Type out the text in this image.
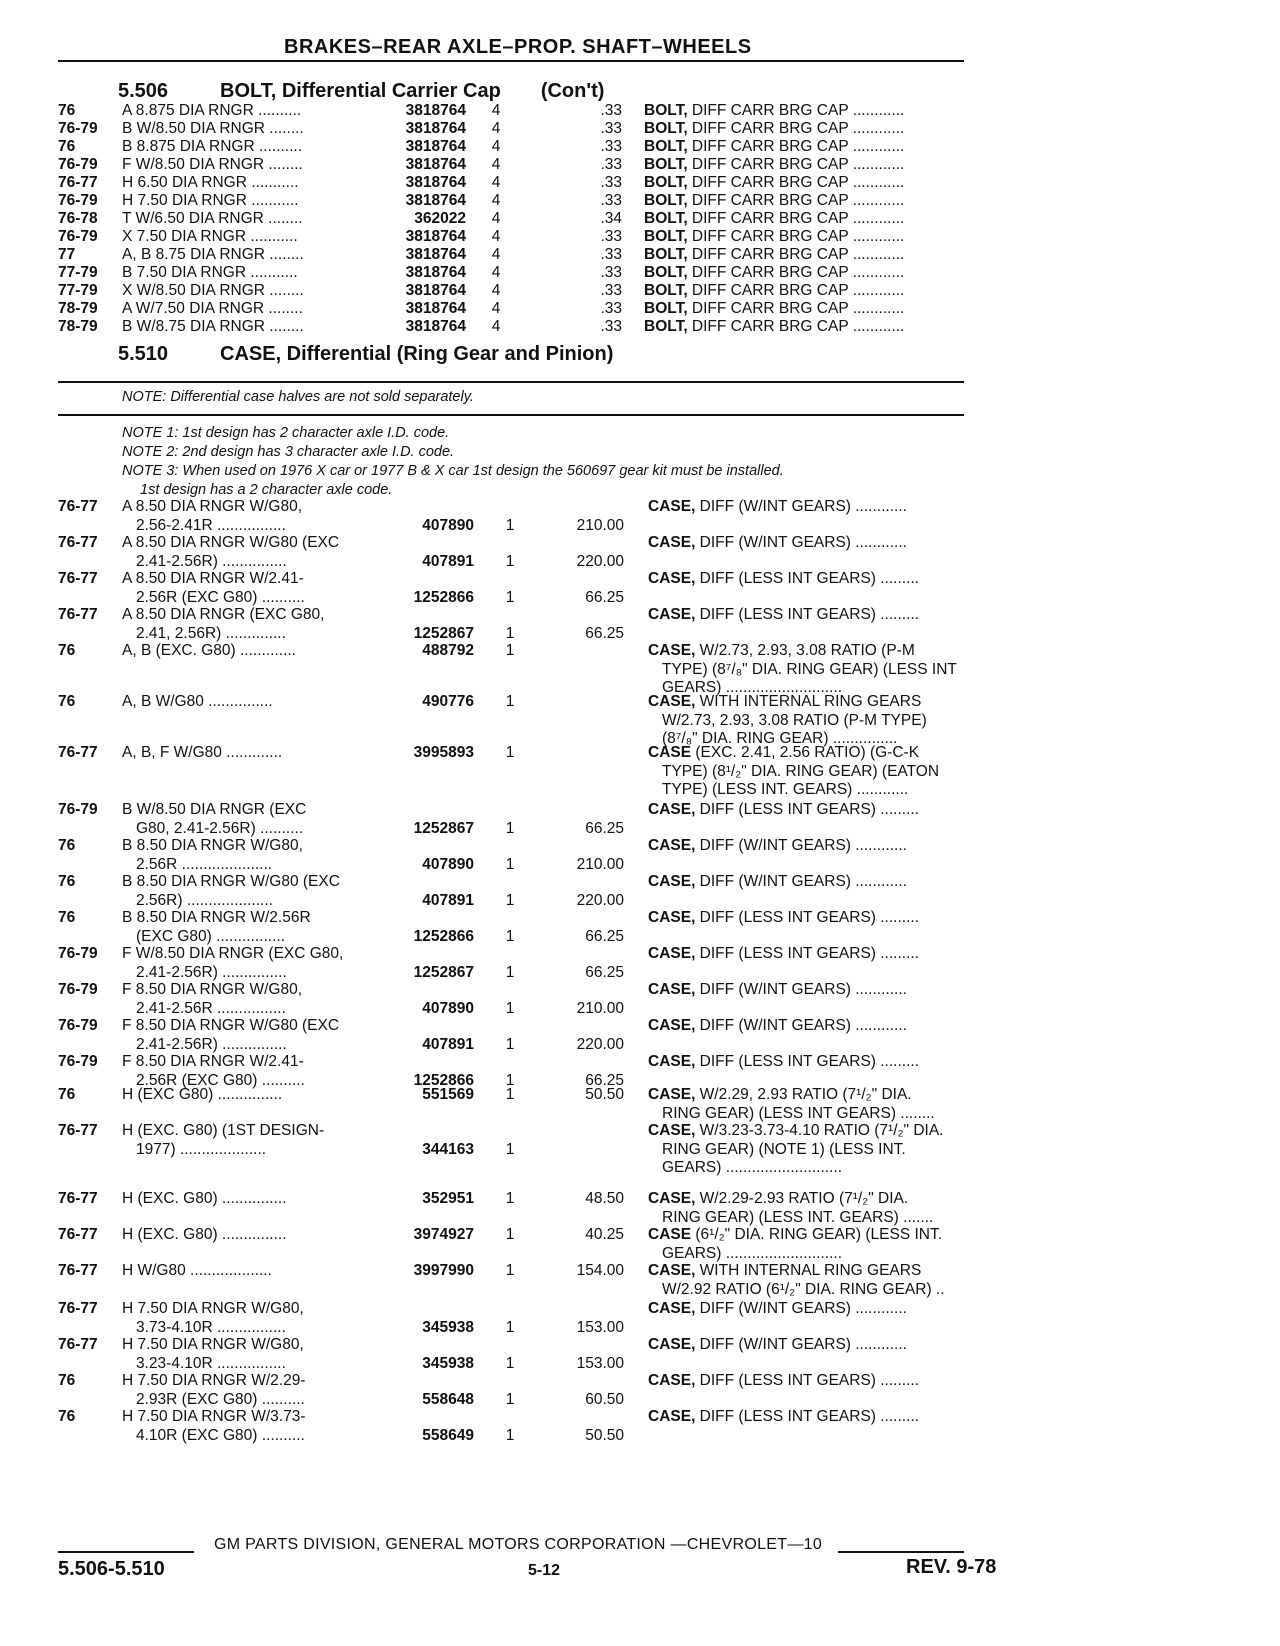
BRAKES–REAR AXLE–PROP. SHAFT–WHEELS
5.506	BOLT, Differential Carrier Cap (Con't)
76	A 8.875 DIA RNGR ..........	3818764	4	.33 BOLT, DIFF CARR BRG CAP ............
76-79 B W/8.50 DIA RNGR ........	3818764	4	.33 BOLT, DIFF CARR BRG CAP ............
76	B 8.875 DIA RNGR ..........	3818764	4	.33 BOLT, DIFF CARR BRG CAP ............
76-79 F W/8.50 DIA RNGR ........	3818764	4	.33 BOLT, DIFF CARR BRG CAP ............
76-77 H 6.50 DIA RNGR ...........	3818764	4	.33 BOLT, DIFF CARR BRG CAP ............
76-79 H 7.50 DIA RNGR ...........	3818764	4	.33 BOLT, DIFF CARR BRG CAP ............
76-78 T W/6.50 DIA RNGR ........	362022	4	.34 BOLT, DIFF CARR BRG CAP ............
76-79 X 7.50 DIA RNGR ...........	3818764	4	.33 BOLT, DIFF CARR BRG CAP ............
77	A, B 8.75 DIA RNGR ........	3818764	4	.33 BOLT, DIFF CARR BRG CAP ............
77-79 B 7.50 DIA RNGR ...........	3818764	4	.33 BOLT, DIFF CARR BRG CAP ............
77-79 X W/8.50 DIA RNGR ........	3818764	4	.33 BOLT, DIFF CARR BRG CAP ............
78-79 A W/7.50 DIA RNGR ........	3818764	4	.33 BOLT, DIFF CARR BRG CAP ............
78-79 B W/8.75 DIA RNGR ........	3818764	4	.33 BOLT, DIFF CARR BRG CAP ............
5.510	CASE, Differential (Ring Gear and Pinion)
NOTE: Differential case halves are not sold separately.
NOTE 1: 1st design has 2 character axle I.D. code.
NOTE 2: 2nd design has 3 character axle I.D. code.
NOTE 3: When used on 1976 X car or 1977 B & X car 1st design the 560697 gear kit must be installed.
1st design has a 2 character axle code.
76-77 A 8.50 DIA RNGR W/G80,
2.56-2.41R ................	407890	1	210.00
CASE, DIFF (W/INT GEARS) ............
76-77 A 8.50 DIA RNGR W/G80 (EXC
2.41-2.56R) ...............	407891	1	220.00
CASE, DIFF (W/INT GEARS) ............
76-77 A 8.50 DIA RNGR W/2.41-
2.56R (EXC G80) ..........	1252866	1	66.25
CASE, DIFF (LESS INT GEARS) .........
76-77 A 8.50 DIA RNGR (EXC G80,
2.41, 2.56R) ..............	1252867	1	66.25
CASE, DIFF (LESS INT GEARS) .........
76	A, B (EXC. G80) .............	488792	1	CASE, W/2.73, 2.93, 3.08 RATIO (P-M
TYPE) (8⁷/₈" DIA. RING GEAR) (LESS INT
GEARS) ...........................
76	A, B W/G80 ...............	490776	1	CASE, WITH INTERNAL RING GEARS
W/2.73, 2.93, 3.08 RATIO (P-M TYPE)
(8⁷/₈" DIA. RING GEAR) ...............
76-77 A, B, F W/G80 .............	3995893	1	CASE (EXC. 2.41, 2.56 RATIO) (G-C-K
TYPE) (8¹/₂" DIA. RING GEAR) (EATON
TYPE) (LESS INT. GEARS) ............
76-79 B W/8.50 DIA RNGR (EXC
G80, 2.41-2.56R) ..........	1252867	1	66.25
CASE, DIFF (LESS INT GEARS) .........
76	B 8.50 DIA RNGR W/G80,
2.56R .....................	407890	1	210.00
CASE, DIFF (W/INT GEARS) ............
76	B 8.50 DIA RNGR W/G80 (EXC
2.56R) ....................	407891	1	220.00
CASE, DIFF (W/INT GEARS) ............
76	B 8.50 DIA RNGR W/2.56R
(EXC G80) ................	1252866	1	66.25
CASE, DIFF (LESS INT GEARS) .........
76-79 F W/8.50 DIA RNGR (EXC G80,
2.41-2.56R) ...............	1252867	1	66.25
CASE, DIFF (LESS INT GEARS) .........
76-79 F 8.50 DIA RNGR W/G80,
2.41-2.56R ................	407890	1	210.00
CASE, DIFF (W/INT GEARS) ............
76-79 F 8.50 DIA RNGR W/G80 (EXC
2.41-2.56R) ...............	407891	1	220.00
CASE, DIFF (W/INT GEARS) ............
76-79 F 8.50 DIA RNGR W/2.41-
2.56R (EXC G80) ..........	1252866	1	66.25
CASE, DIFF (LESS INT GEARS) .........
76	H (EXC G80) ...............	551569	1	50.50 CASE, W/2.29, 2.93 RATIO (7¹/₂" DIA.
RING GEAR) (LESS INT GEARS) ........
76-77 H (EXC. G80) (1ST DESIGN-
1977) ....................	344163	1
CASE, W/3.23-3.73-4.10 RATIO (7¹/₂" DIA.
RING GEAR) (NOTE 1) (LESS INT.
GEARS) ...........................
76-77 H (EXC. G80) ...............	352951	1	48.50 CASE, W/2.29-2.93 RATIO (7¹/₂" DIA.
RING GEAR) (LESS INT. GEARS) .......
76-77 H (EXC. G80) ...............	3974927	1	40.25 CASE (6¹/₂" DIA. RING GEAR) (LESS INT.
GEARS) ...........................
76-77 H W/G80 ...................	3997990	1	154.00 CASE, WITH INTERNAL RING GEARS
W/2.92 RATIO (6¹/₂" DIA. RING GEAR) ..
76-77 H 7.50 DIA RNGR W/G80,
3.73-4.10R ................	345938	1	153.00
CASE, DIFF (W/INT GEARS) ............
76-77 H 7.50 DIA RNGR W/G80,
3.23-4.10R ................	345938	1	153.00
CASE, DIFF (W/INT GEARS) ............
76	H 7.50 DIA RNGR W/2.29-
2.93R (EXC G80) ..........	558648	1	60.50
CASE, DIFF (LESS INT GEARS) .........
76	H 7.50 DIA RNGR W/3.73-
4.10R (EXC G80) ..........	558649	1	50.50
CASE, DIFF (LESS INT GEARS) .........
GM PARTS DIVISION, GENERAL MOTORS CORPORATION —CHEVROLET—10
5.506-5.510	5-12	REV. 9-78
